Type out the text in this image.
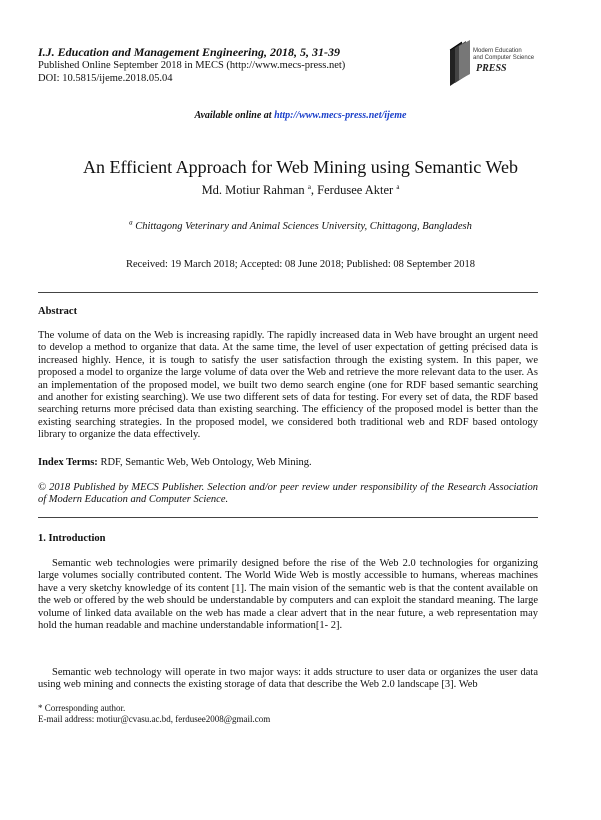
I.J. Education and Management Engineering, 2018, 5, 31-39
Published Online September 2018 in MECS (http://www.mecs-press.net)
DOI: 10.5815/ijeme.2018.05.04
Modern Education
and Computer Science
PRESS
Available online at http://www.mecs-press.net/ijeme
An Efficient Approach for Web Mining using Semantic Web
Md. Motiur Rahman $^a$, Ferdusee Akter $^a$
$^a$ Chittagong Veterinary and Animal Sciences University, Chittagong, Bangladesh
Received: 19 March 2018; Accepted: 08 June 2018; Published: 08 September 2018
Abstract
The volume of data on the Web is increasing rapidly. The rapidly increased data in Web have brought an urgent need to develop a method to organize that data. At the same time, the level of user expectation of getting précised data is increased highly. Hence, it is tough to satisfy the user satisfaction through the existing system. In this paper, we proposed a model to organize the large volume of data over the Web and retrieve the more relevant data to the user. As an implementation of the proposed model, we built two demo search engine (one for RDF based semantic searching and another for existing searching). We use two different sets of data for testing. For every set of data, the RDF based searching returns more précised data than existing searching. The efficiency of the proposed model is better than the existing searching strategies. In the proposed model, we considered both traditional web and RDF based ontology library to organize the data effectively.
Index Terms: RDF, Semantic Web, Web Ontology, Web Mining.
© 2018 Published by MECS Publisher. Selection and/or peer review under responsibility of the Research Association of Modern Education and Computer Science.
1. Introduction
Semantic web technologies were primarily designed before the rise of the Web 2.0 technologies for organizing large volumes socially contributed content. The World Wide Web is mostly accessible to humans, whereas machines have a very sketchy knowledge of its content [1]. The main vision of the semantic web is that the content available on the web or offered by the web should be understandable by computers and can exploit the standard meaning. The large volume of linked data available on the web has made a clear advert that in the near future, a web representation may hold the human readable and machine understandable information[1- 2].
Semantic web technology will operate in two major ways: it adds structure to user data or organizes the user data using web mining and connects the existing storage of data that describe the Web 2.0 landscape [3]. Web
* Corresponding author.
E-mail address: motiur@cvasu.ac.bd, ferdusee2008@gmail.com
